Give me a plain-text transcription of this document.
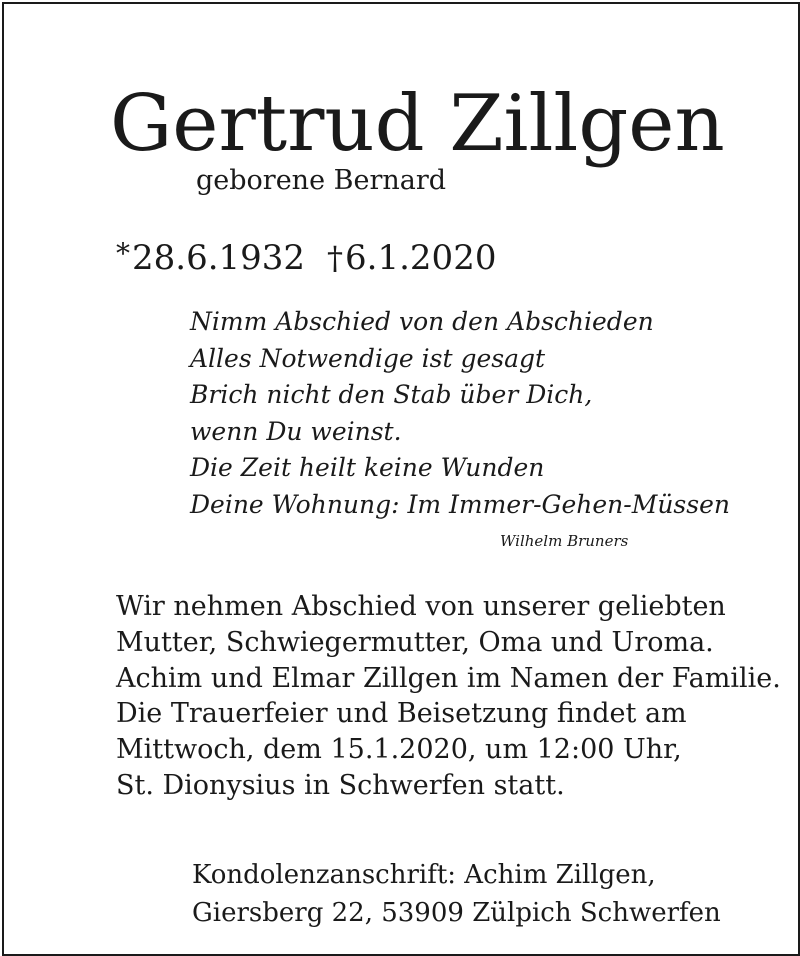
Gertrud Zillgen
geborene Bernard
*28.6.1932 †6.1.2020
Nimm Abschied von den Abschieden
Alles Notwendige ist gesagt
Brich nicht den Stab über Dich,
wenn Du weinst.
Die Zeit heilt keine Wunden
Deine Wohnung: Im Immer-Gehen-Müssen
Wilhelm Bruners
Wir nehmen Abschied von unserer geliebten
Mutter, Schwiegermutter, Oma und Uroma.
Achim und Elmar Zillgen im Namen der Familie.
Die Trauerfeier und Beisetzung findet am
Mittwoch, dem 15.1.2020, um 12:00 Uhr,
St. Dionysius in Schwerfen statt.
Kondolenzanschrift: Achim Zillgen,
Giersberg 22, 53909 Zülpich Schwerfen
